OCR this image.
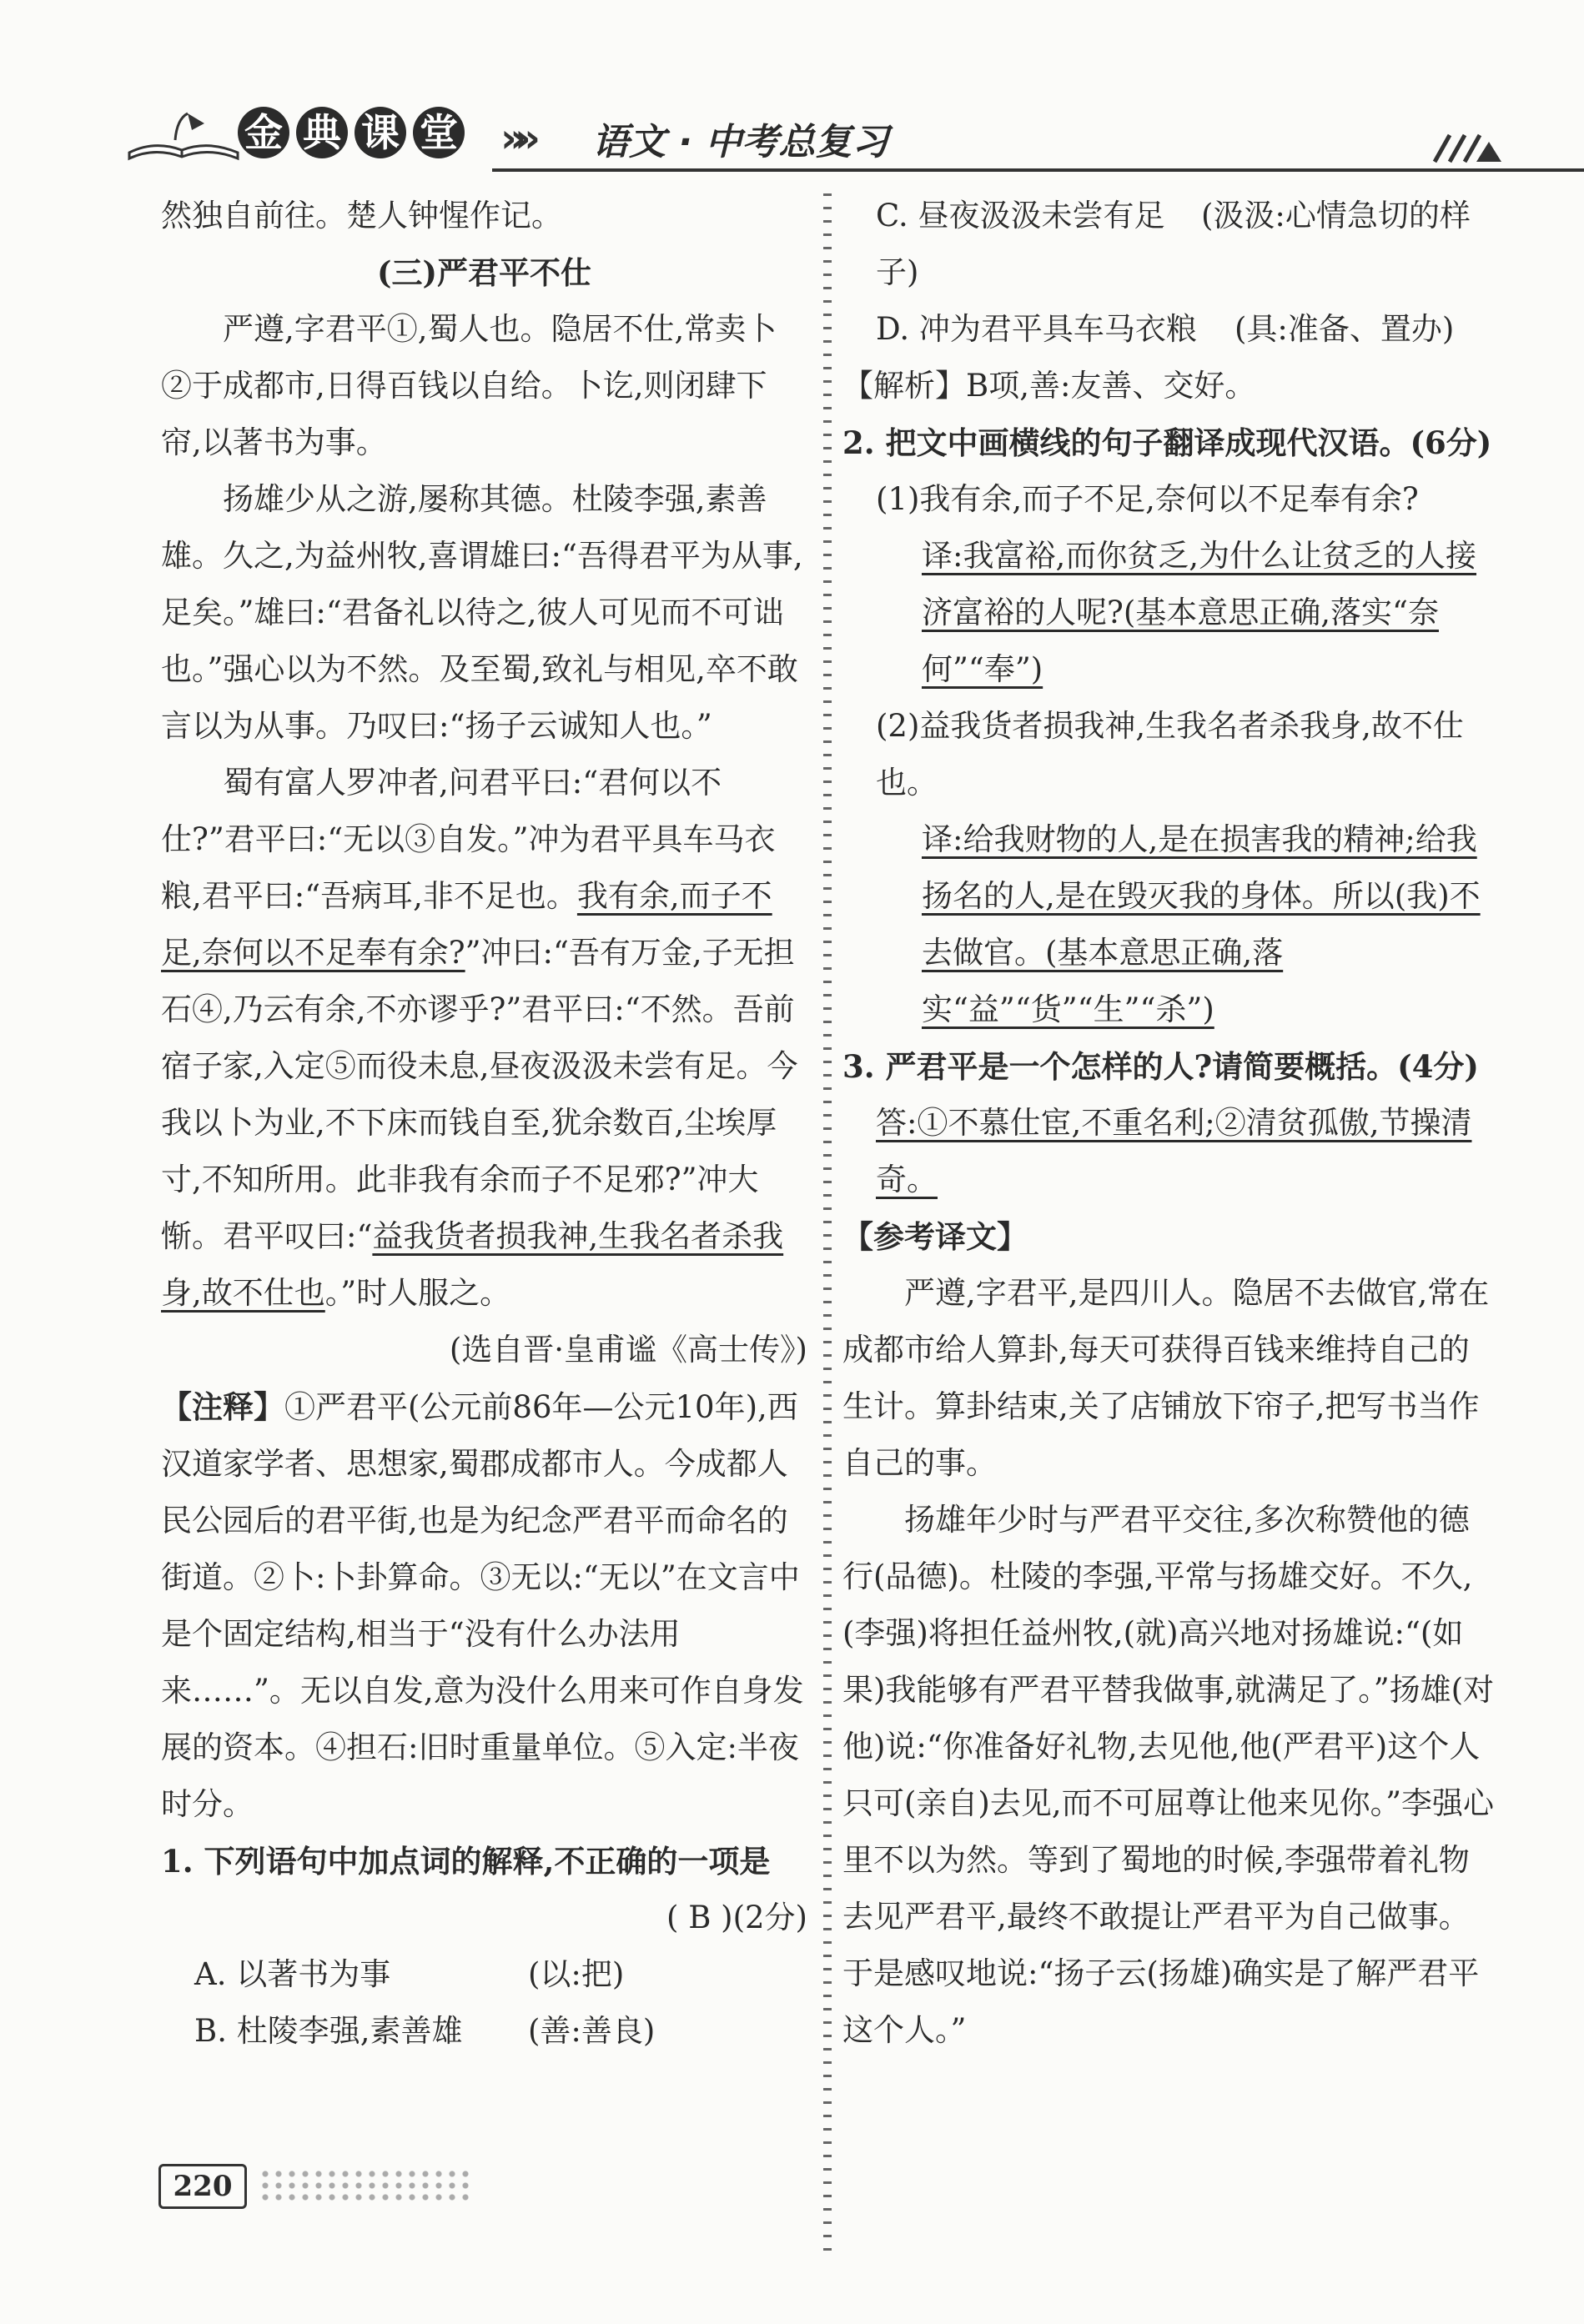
金 典 课 堂 »» 语文 · 中考总复习

然独自前往。楚人钟惺作记。

(三)严君平不仕

严遵,字君平①,蜀人也。隐居不仕,常卖卜②于成都市,日得百钱以自给。卜讫,则闭肆下帘,以著书为事。

扬雄少从之游,屡称其德。杜陵李强,素善雄。久之,为益州牧,喜谓雄曰:“吾得君平为从事,足矣。”雄曰:“君备礼以待之,彼人可见而不可诎也。”强心以为不然。及至蜀,致礼与相见,卒不敢言以为从事。乃叹曰:“扬子云诚知人也。”

蜀有富人罗冲者,问君平曰:“君何以不仕?”君平曰:“无以③自发。”冲为君平具车马衣粮,君平曰:“吾病耳,非不足也。我有余,而子不足,奈何以不足奉有余?”冲曰:“吾有万金,子无担石④,乃云有余,不亦谬乎?”君平曰:“不然。吾前宿子家,入定⑤而役未息,昼夜汲汲未尝有足。今我以卜为业,不下床而钱自至,犹余数百,尘埃厚寸,不知所用。此非我有余而子不足邪?”冲大惭。君平叹曰:“益我货者损我神,生我名者杀我身,故不仕也。”时人服之。

(选自晋·皇甫谧《高士传》)

【注释】①严君平(公元前86年—公元10年),西汉道家学者、思想家,蜀郡成都市人。今成都人民公园后的君平街,也是为纪念严君平而命名的街道。②卜:卜卦算命。③无以:“无以”在文言中是个固定结构,相当于“没有什么办法用来……”。无以自发,意为没什么用来可作自身发展的资本。④担石:旧时重量单位。⑤入定:半夜时分。

1. 下列语句中加点词的解释,不正确的一项是

( B )(2分)

A. 以著书为事	(以:把)

B. 杜陵李强,素善雄 (善:善良)

C. 昼夜汲汲未尝有足 (汲汲:心情急切的样子)

D. 冲为君平具车马衣粮 (具:准备、置办)

【解析】B项,善:友善、交好。

2. 把文中画横线的句子翻译成现代汉语。(6分)

(1)我有余,而子不足,奈何以不足奉有余?

译:我富裕,而你贫乏,为什么让贫乏的人接济富裕的人呢?(基本意思正确,落实“奈何”“奉”)

(2)益我货者损我神,生我名者杀我身,故不仕也。

译:给我财物的人,是在损害我的精神;给我扬名的人,是在毁灭我的身体。所以(我)不去做官。(基本意思正确,落实“益”“货”“生”“杀”)

3. 严君平是一个怎样的人?请简要概括。(4分)

答:①不慕仕宦,不重名利;②清贫孤傲,节操清奇。

【参考译文】

严遵,字君平,是四川人。隐居不去做官,常在成都市给人算卦,每天可获得百钱来维持自己的生计。算卦结束,关了店铺放下帘子,把写书当作自己的事。

扬雄年少时与严君平交往,多次称赞他的德行(品德)。杜陵的李强,平常与扬雄交好。不久,(李强)将担任益州牧,(就)高兴地对扬雄说:“(如果)我能够有严君平替我做事,就满足了。”扬雄(对他)说:“你准备好礼物,去见他,他(严君平)这个人只可(亲自)去见,而不可屈尊让他来见你。”李强心里不以为然。等到了蜀地的时候,李强带着礼物去见严君平,最终不敢提让严君平为自己做事。于是感叹地说:“扬子云(扬雄)确实是了解严君平这个人。”

220
